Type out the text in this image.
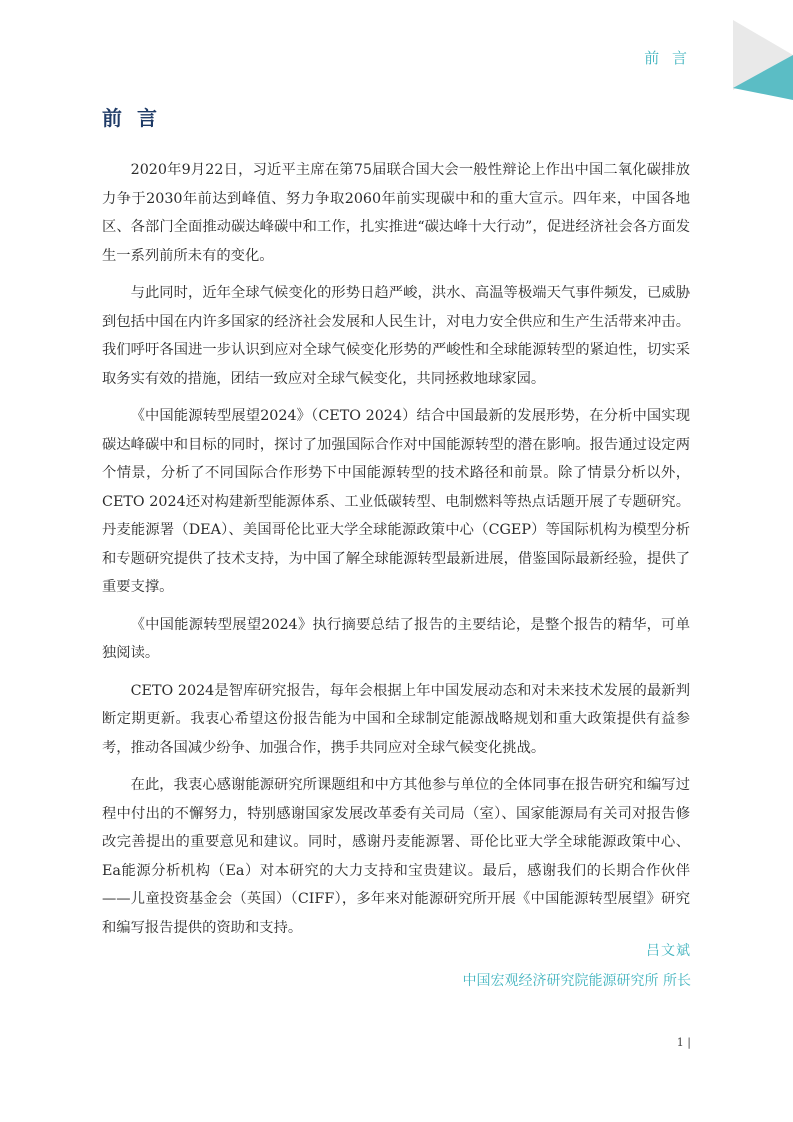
前 言
前 言

2020年9月22日，习近平主席在第75届联合国大会一般性辩论上作出中国二氧化碳排放力争于2030年前达到峰值、努力争取2060年前实现碳中和的重大宣示。四年来，中国各地区、各部门全面推动碳达峰碳中和工作，扎实推进“碳达峰十大行动”，促进经济社会各方面发生一系列前所未有的变化。

与此同时，近年全球气候变化的形势日趋严峻，洪水、高温等极端天气事件频发，已威胁到包括中国在内许多国家的经济社会发展和人民生计，对电力安全供应和生产生活带来冲击。我们呼吁各国进一步认识到应对全球气候变化形势的严峻性和全球能源转型的紧迫性，切实采取务实有效的措施，团结一致应对全球气候变化，共同拯救地球家园。

《中国能源转型展望2024》（CETO 2024）结合中国最新的发展形势，在分析中国实现碳达峰碳中和目标的同时，探讨了加强国际合作对中国能源转型的潜在影响。报告通过设定两个情景，分析了不同国际合作形势下中国能源转型的技术路径和前景。除了情景分析以外，CETO 2024还对构建新型能源体系、工业低碳转型、电制燃料等热点话题开展了专题研究。丹麦能源署（DEA）、美国哥伦比亚大学全球能源政策中心（CGEP）等国际机构为模型分析和专题研究提供了技术支持，为中国了解全球能源转型最新进展，借鉴国际最新经验，提供了重要支撑。

《中国能源转型展望2024》执行摘要总结了报告的主要结论，是整个报告的精华，可单独阅读。

CETO 2024是智库研究报告，每年会根据上年中国发展动态和对未来技术发展的最新判断定期更新。我衷心希望这份报告能为中国和全球制定能源战略规划和重大政策提供有益参考，推动各国减少纷争、加强合作，携手共同应对全球气候变化挑战。

在此，我衷心感谢能源研究所课题组和中方其他参与单位的全体同事在报告研究和编写过程中付出的不懈努力，特别感谢国家发展改革委有关司局（室）、国家能源局有关司对报告修改完善提出的重要意见和建议。同时，感谢丹麦能源署、哥伦比亚大学全球能源政策中心、Ea能源分析机构（Ea）对本研究的大力支持和宝贵建议。最后，感谢我们的长期合作伙伴——儿童投资基金会（英国）（CIFF），多年来对能源研究所开展《中国能源转型展望》研究和编写报告提供的资助和支持。

吕文斌
中国宏观经济研究院能源研究所 所长
1 |
